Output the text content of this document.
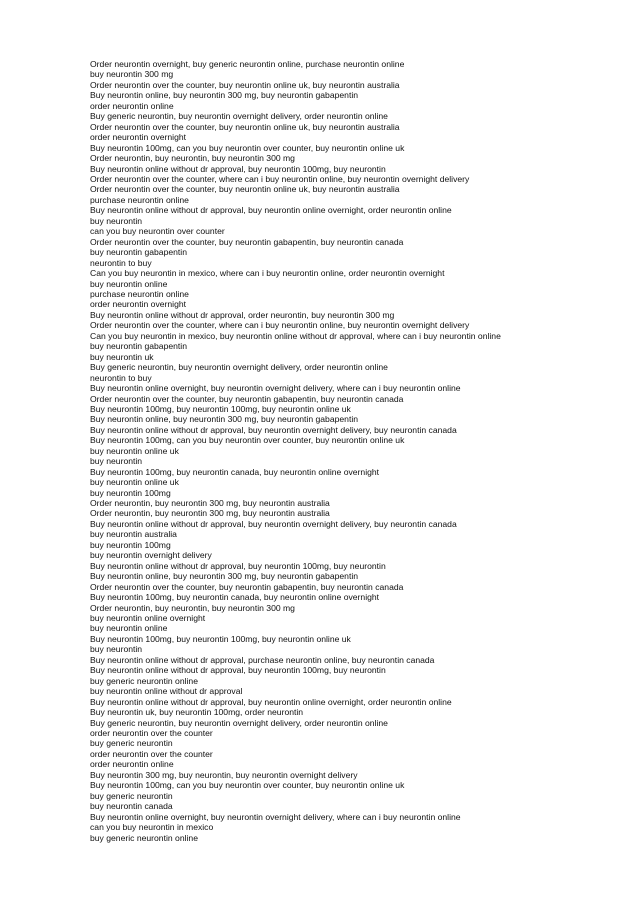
Order neurontin overnight, buy generic neurontin online, purchase neurontin online
buy neurontin 300 mg
Order neurontin over the counter, buy neurontin online uk, buy neurontin australia
Buy neurontin online, buy neurontin 300 mg, buy neurontin gabapentin
order neurontin online
Buy generic neurontin, buy neurontin overnight delivery, order neurontin online
Order neurontin over the counter, buy neurontin online uk, buy neurontin australia
order neurontin overnight
Buy neurontin 100mg, can you buy neurontin over counter, buy neurontin online uk
Order neurontin, buy neurontin, buy neurontin 300 mg
Buy neurontin online without dr approval, buy neurontin 100mg, buy neurontin
Order neurontin over the counter, where can i buy neurontin online, buy neurontin overnight delivery
Order neurontin over the counter, buy neurontin online uk, buy neurontin australia
purchase neurontin online
Buy neurontin online without dr approval, buy neurontin online overnight, order neurontin online
buy neurontin
can you buy neurontin over counter
Order neurontin over the counter, buy neurontin gabapentin, buy neurontin canada
buy neurontin gabapentin
neurontin to buy
Can you buy neurontin in mexico, where can i buy neurontin online, order neurontin overnight
buy neurontin online
purchase neurontin online
order neurontin overnight
Buy neurontin online without dr approval, order neurontin, buy neurontin 300 mg
Order neurontin over the counter, where can i buy neurontin online, buy neurontin overnight delivery
Can you buy neurontin in mexico, buy neurontin online without dr approval, where can i buy neurontin online
buy neurontin gabapentin
buy neurontin uk
Buy generic neurontin, buy neurontin overnight delivery, order neurontin online
neurontin to buy
Buy neurontin online overnight, buy neurontin overnight delivery, where can i buy neurontin online
Order neurontin over the counter, buy neurontin gabapentin, buy neurontin canada
Buy neurontin 100mg, buy neurontin 100mg, buy neurontin online uk
Buy neurontin online, buy neurontin 300 mg, buy neurontin gabapentin
Buy neurontin online without dr approval, buy neurontin overnight delivery, buy neurontin canada
Buy neurontin 100mg, can you buy neurontin over counter, buy neurontin online uk
buy neurontin online uk
buy neurontin
Buy neurontin 100mg, buy neurontin canada, buy neurontin online overnight
buy neurontin online uk
buy neurontin 100mg
Order neurontin, buy neurontin 300 mg, buy neurontin australia
Order neurontin, buy neurontin 300 mg, buy neurontin australia
Buy neurontin online without dr approval, buy neurontin overnight delivery, buy neurontin canada
buy neurontin australia
buy neurontin 100mg
buy neurontin overnight delivery
Buy neurontin online without dr approval, buy neurontin 100mg, buy neurontin
Buy neurontin online, buy neurontin 300 mg, buy neurontin gabapentin
Order neurontin over the counter, buy neurontin gabapentin, buy neurontin canada
Buy neurontin 100mg, buy neurontin canada, buy neurontin online overnight
Order neurontin, buy neurontin, buy neurontin 300 mg
buy neurontin online overnight
buy neurontin online
Buy neurontin 100mg, buy neurontin 100mg, buy neurontin online uk
buy neurontin
Buy neurontin online without dr approval, purchase neurontin online, buy neurontin canada
Buy neurontin online without dr approval, buy neurontin 100mg, buy neurontin
buy generic neurontin online
buy neurontin online without dr approval
Buy neurontin online without dr approval, buy neurontin online overnight, order neurontin online
Buy neurontin uk, buy neurontin 100mg, order neurontin
Buy generic neurontin, buy neurontin overnight delivery, order neurontin online
order neurontin over the counter
buy generic neurontin
order neurontin over the counter
order neurontin online
Buy neurontin 300 mg, buy neurontin, buy neurontin overnight delivery
Buy neurontin 100mg, can you buy neurontin over counter, buy neurontin online uk
buy generic neurontin
buy neurontin canada
Buy neurontin online overnight, buy neurontin overnight delivery, where can i buy neurontin online
can you buy neurontin in mexico
buy generic neurontin online
